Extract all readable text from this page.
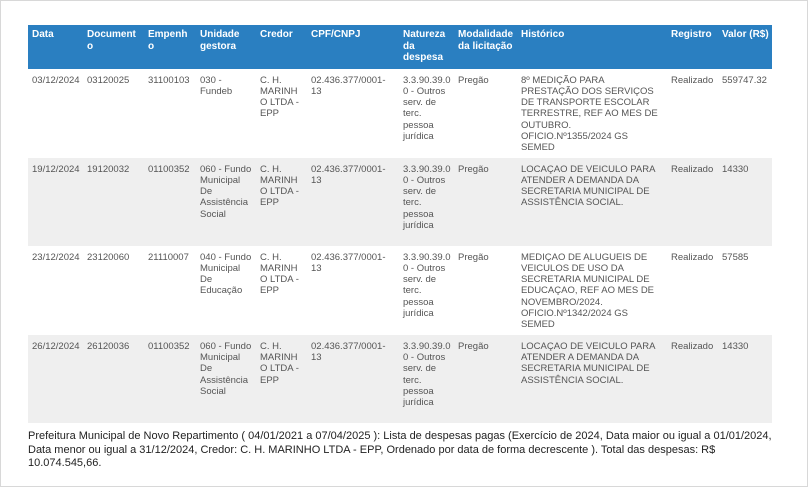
Data	Documento	Empenho	Unidade gestora	Credor	CPF/CNPJ	Natureza da despesa	Modalidade da licitação	Histórico	Registro	Valor (R$)
03/12/2024	03120025	31100103	030 - Fundeb	C. H. MARINHO LTDA - EPP	02.436.377/0001-13	3.3.90.39.00 - Outros serv. de terc. pessoa jurídica	Pregão	8º MEDIÇÃO PARA PRESTAÇÃO DOS SERVIÇOS DE TRANSPORTE ESCOLAR TERRESTRE, REF AO MES DE OUTUBRO. OFICIO.Nº1355/2024 GS SEMED	Realizado	559747.32
19/12/2024	19120032	01100352	060 - Fundo Municipal De Assistência Social	C. H. MARINHO LTDA - EPP	02.436.377/0001-13	3.3.90.39.00 - Outros serv. de terc. pessoa jurídica	Pregão	LOCAÇAO DE VEICULO PARA ATENDER A DEMANDA DA SECRETARIA MUNICIPAL DE ASSISTÊNCIA SOCIAL.	Realizado	14330
23/12/2024	23120060	21110007	040 - Fundo Municipal De Educação	C. H. MARINHO LTDA - EPP	02.436.377/0001-13	3.3.90.39.00 - Outros serv. de terc. pessoa jurídica	Pregão	MEDIÇAO DE ALUGUEIS DE VEICULOS DE USO DA SECRETARIA MUNICIPAL DE EDUCAÇAO, REF AO MES DE NOVEMBRO/2024. OFICIO.Nº1342/2024 GS SEMED	Realizado	57585
26/12/2024	26120036	01100352	060 - Fundo Municipal De Assistência Social	C. H. MARINHO LTDA - EPP	02.436.377/0001-13	3.3.90.39.00 - Outros serv. de terc. pessoa jurídica	Pregão	LOCAÇAO DE VEICULO PARA ATENDER A DEMANDA DA SECRETARIA MUNICIPAL DE ASSISTÊNCIA SOCIAL.	Realizado	14330
Prefeitura Municipal de Novo Repartimento ( 04/01/2021 a 07/04/2025 ): Lista de despesas pagas (Exercício de 2024, Data maior ou igual a 01/01/2024, Data menor ou igual a 31/12/2024, Credor: C. H. MARINHO LTDA - EPP, Ordenado por data de forma decrescente ). Total das despesas: R$ 10.074.545,66.
